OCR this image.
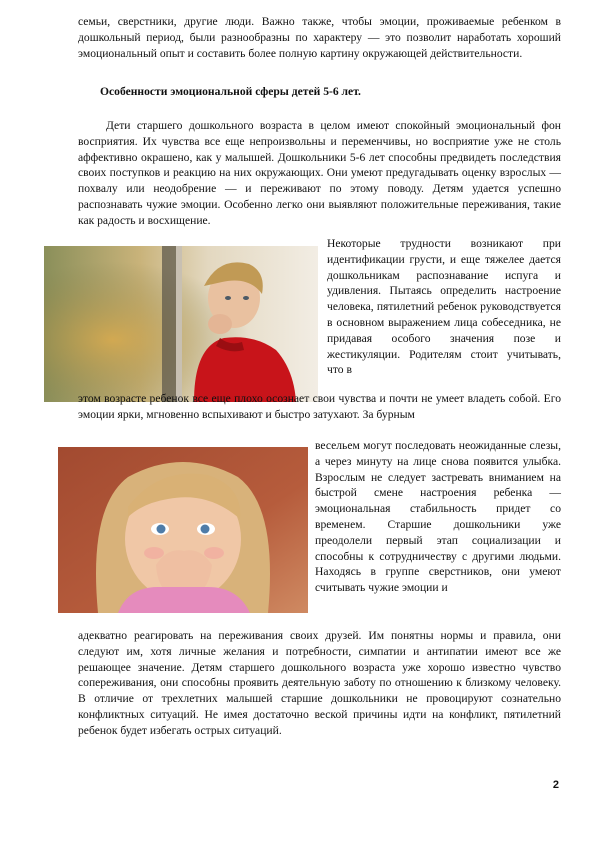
семьи, сверстники, другие люди. Важно также, чтобы эмоции, проживаемые ребенком в дошкольный период, были разнообразны по характеру — это позволит наработать хороший эмоциональный опыт и составить более полную картину окружающей действительности.
Особенности эмоциональной сферы детей 5-6 лет.
Дети старшего дошкольного возраста в целом имеют спокойный эмоциональный фон восприятия. Их чувства все еще непроизвольны и переменчивы, но восприятие уже не столь аффективно окрашено, как у малышей. Дошкольники 5-6 лет способны предвидеть последствия своих поступков и реакцию на них окружающих. Они умеют предугадывать оценку взрослых — похвалу или неодобрение — и переживают по этому поводу. Детям удается успешно распознавать чужие эмоции. Особенно легко они выявляют положительные переживания, такие как радость и восхищение.
Некоторые трудности возникают при идентификации грусти, и еще тяжелее дается дошкольникам распознавание испуга и удивления. Пытаясь определить настроение человека, пятилетний ребенок руководствуется в основном выражением лица собеседника, не придавая особого значения позе и жестикуляции. Родителям стоит учитывать, что в
этом возрасте ребенок все еще плохо осознает свои чувства и почти не умеет владеть собой. Его эмоции ярки, мгновенно вспыхивают и быстро затухают. За бурным
весельем могут последовать неожиданные слезы, а через минуту на лице снова появится улыбка. Взрослым не следует застревать вниманием на быстрой смене настроения ребенка — эмоциональная стабильность придет со временем. Старшие дошкольники уже преодолели первый этап социализации и способны к сотрудничеству с другими людьми. Находясь в группе сверстников, они умеют считывать чужие эмоции и
адекватно реагировать на переживания своих друзей. Им понятны нормы и правила, они следуют им, хотя личные желания и потребности, симпатии и антипатии имеют все же решающее значение. Детям старшего дошкольного возраста уже хорошо известно чувство сопереживания, они способны проявить деятельную заботу по отношению к близкому человеку. В отличие от трехлетних малышей старшие дошкольники не провоцируют сознательно конфликтных ситуаций. Не имея достаточно веской причины идти на конфликт, пятилетний ребенок будет избегать острых ситуаций.
2
